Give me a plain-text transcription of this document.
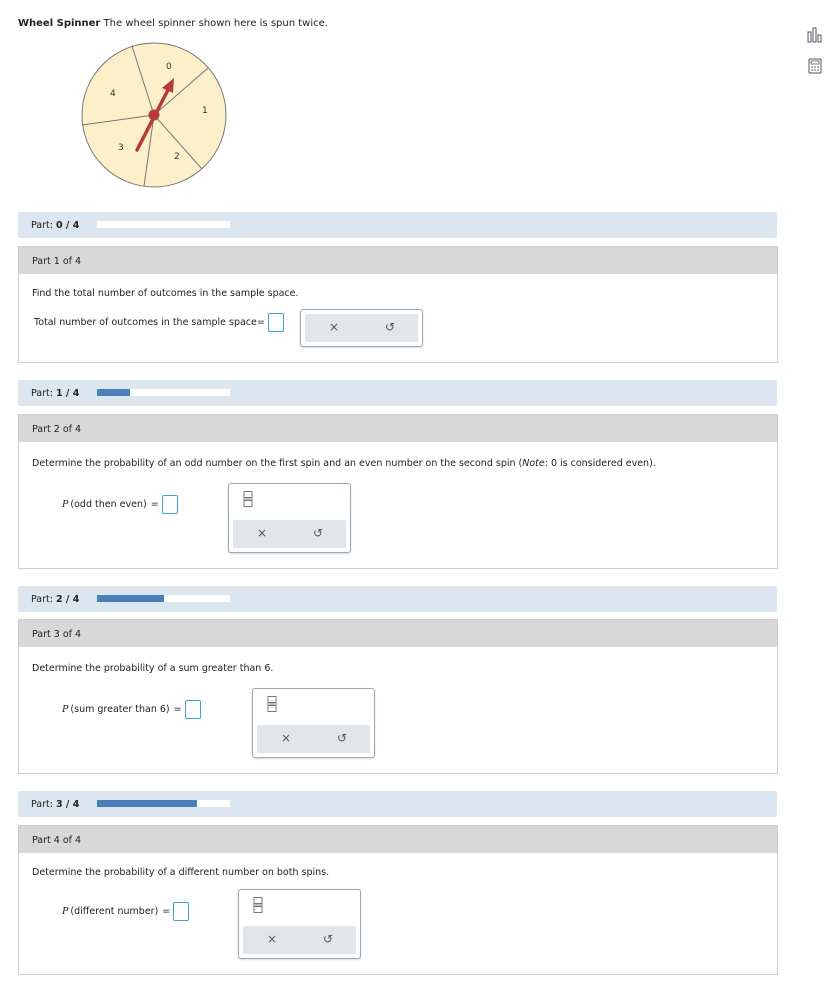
Wheel Spinner The wheel spinner shown here is spun twice.
0
1
2
3
4
Part: 0 / 4
Part 1 of 4
Find the total number of outcomes in the sample space.
Total number of outcomes in the sample space =	×	↺
Part: 1 / 4
Part 2 of 4
Determine the probability of an odd number on the first spin and an even number on the second spin (Note: 0 is considered even).
P ( odd then even ) =
×	↺
Part: 2 / 4
Part 3 of 4
Determine the probability of a sum greater than 6.
P ( sum greater than 6 ) =
×	↺
Part: 3 / 4
Part 4 of 4
Determine the probability of a different number on both spins.
P ( different number ) =
×	↺
